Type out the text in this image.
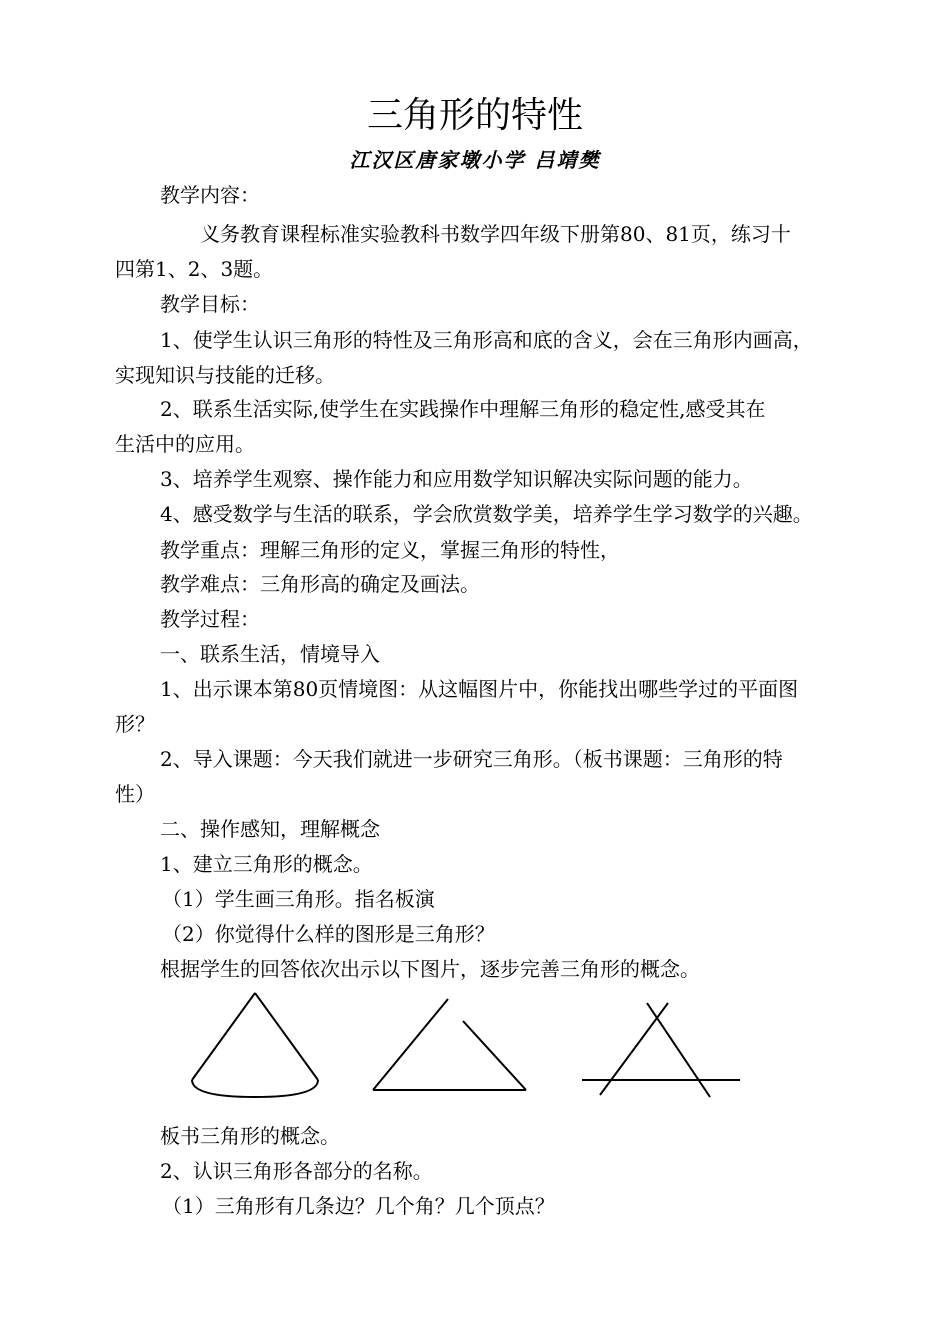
三角形的特性
江汉区唐家墩小学 吕靖樊
教学内容：
义务教育课程标准实验教科书数学四年级下册第80、81页，练习十
四第1、2、3题。
教学目标：
1、使学生认识三角形的特性及三角形高和底的含义，会在三角形内画高，
实现知识与技能的迁移。
2、联系生活实际,使学生在实践操作中理解三角形的稳定性,感受其在
生活中的应用。
3、培养学生观察、操作能力和应用数学知识解决实际问题的能力。
4、感受数学与生活的联系，学会欣赏数学美，培养学生学习数学的兴趣。
教学重点：理解三角形的定义，掌握三角形的特性，
教学难点：三角形高的确定及画法。
教学过程：
一、联系生活，情境导入
1、出示课本第80页情境图：从这幅图片中，你能找出哪些学过的平面图
形？
2、导入课题：今天我们就进一步研究三角形。（板书课题：三角形的特
性）
二、操作感知，理解概念
1、建立三角形的概念。
（1）学生画三角形。指名板演
（2）你觉得什么样的图形是三角形？
根据学生的回答依次出示以下图片，逐步完善三角形的概念。
板书三角形的概念。
2、认识三角形各部分的名称。
（1）三角形有几条边？几个角？几个顶点？
